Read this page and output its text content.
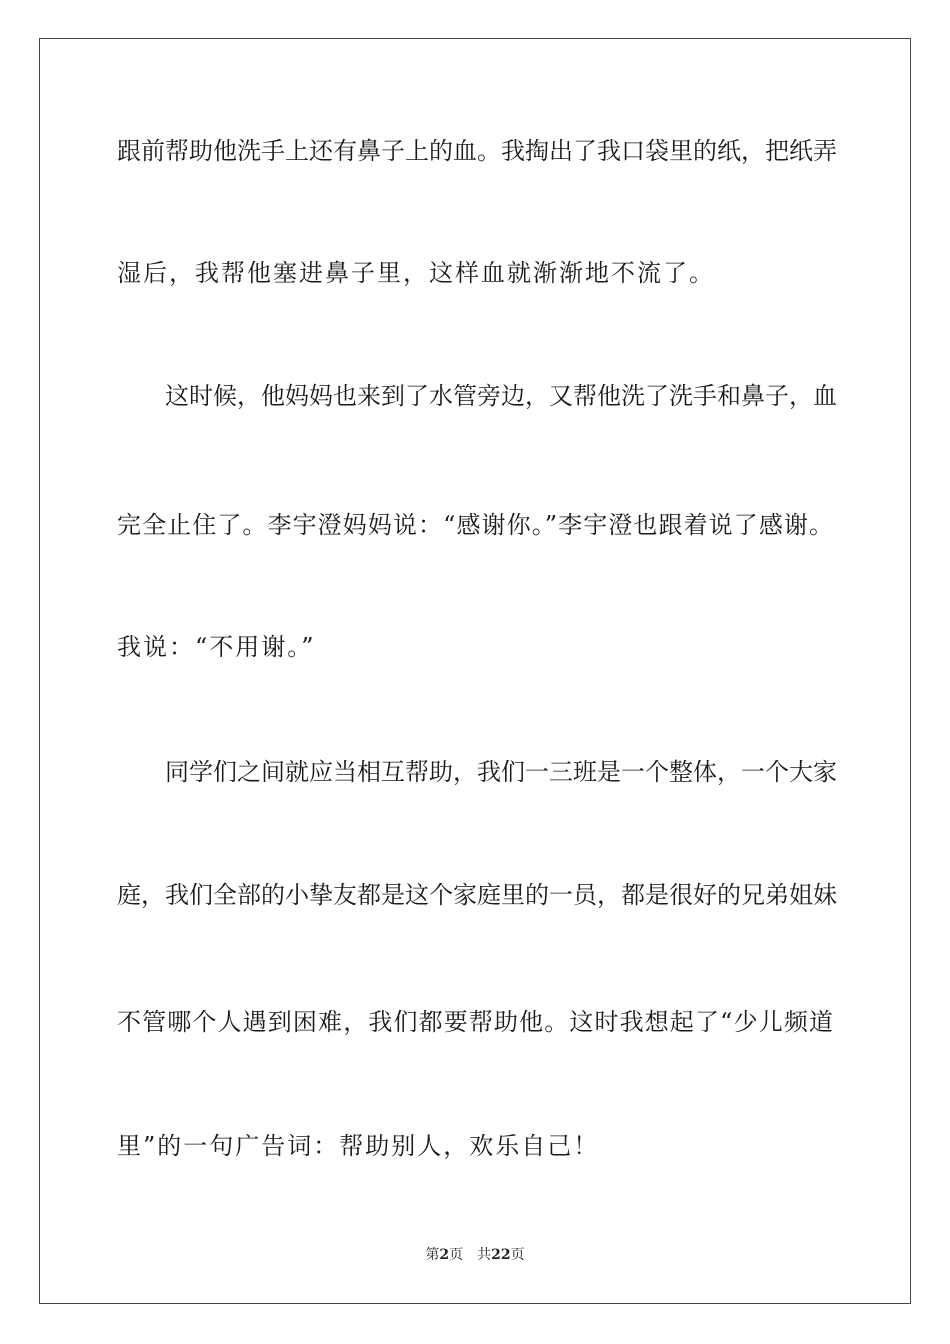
跟前帮助他洗手上还有鼻子上的血。我掏出了我口袋里的纸，把纸弄
湿后，我帮他塞进鼻子里，这样血就渐渐地不流了。
这时候，他妈妈也来到了水管旁边，又帮他洗了洗手和鼻子，血
完全止住了。李宇澄妈妈说：“感谢你。”李宇澄也跟着说了感谢。
我说：“不用谢。”
同学们之间就应当相互帮助，我们一三班是一个整体，一个大家
庭，我们全部的小挚友都是这个家庭里的一员，都是很好的兄弟姐妹
不管哪个人遇到困难，我们都要帮助他。这时我想起了“少儿频道
里”的一句广告词：帮助别人，欢乐自己！
第2页 共22页
